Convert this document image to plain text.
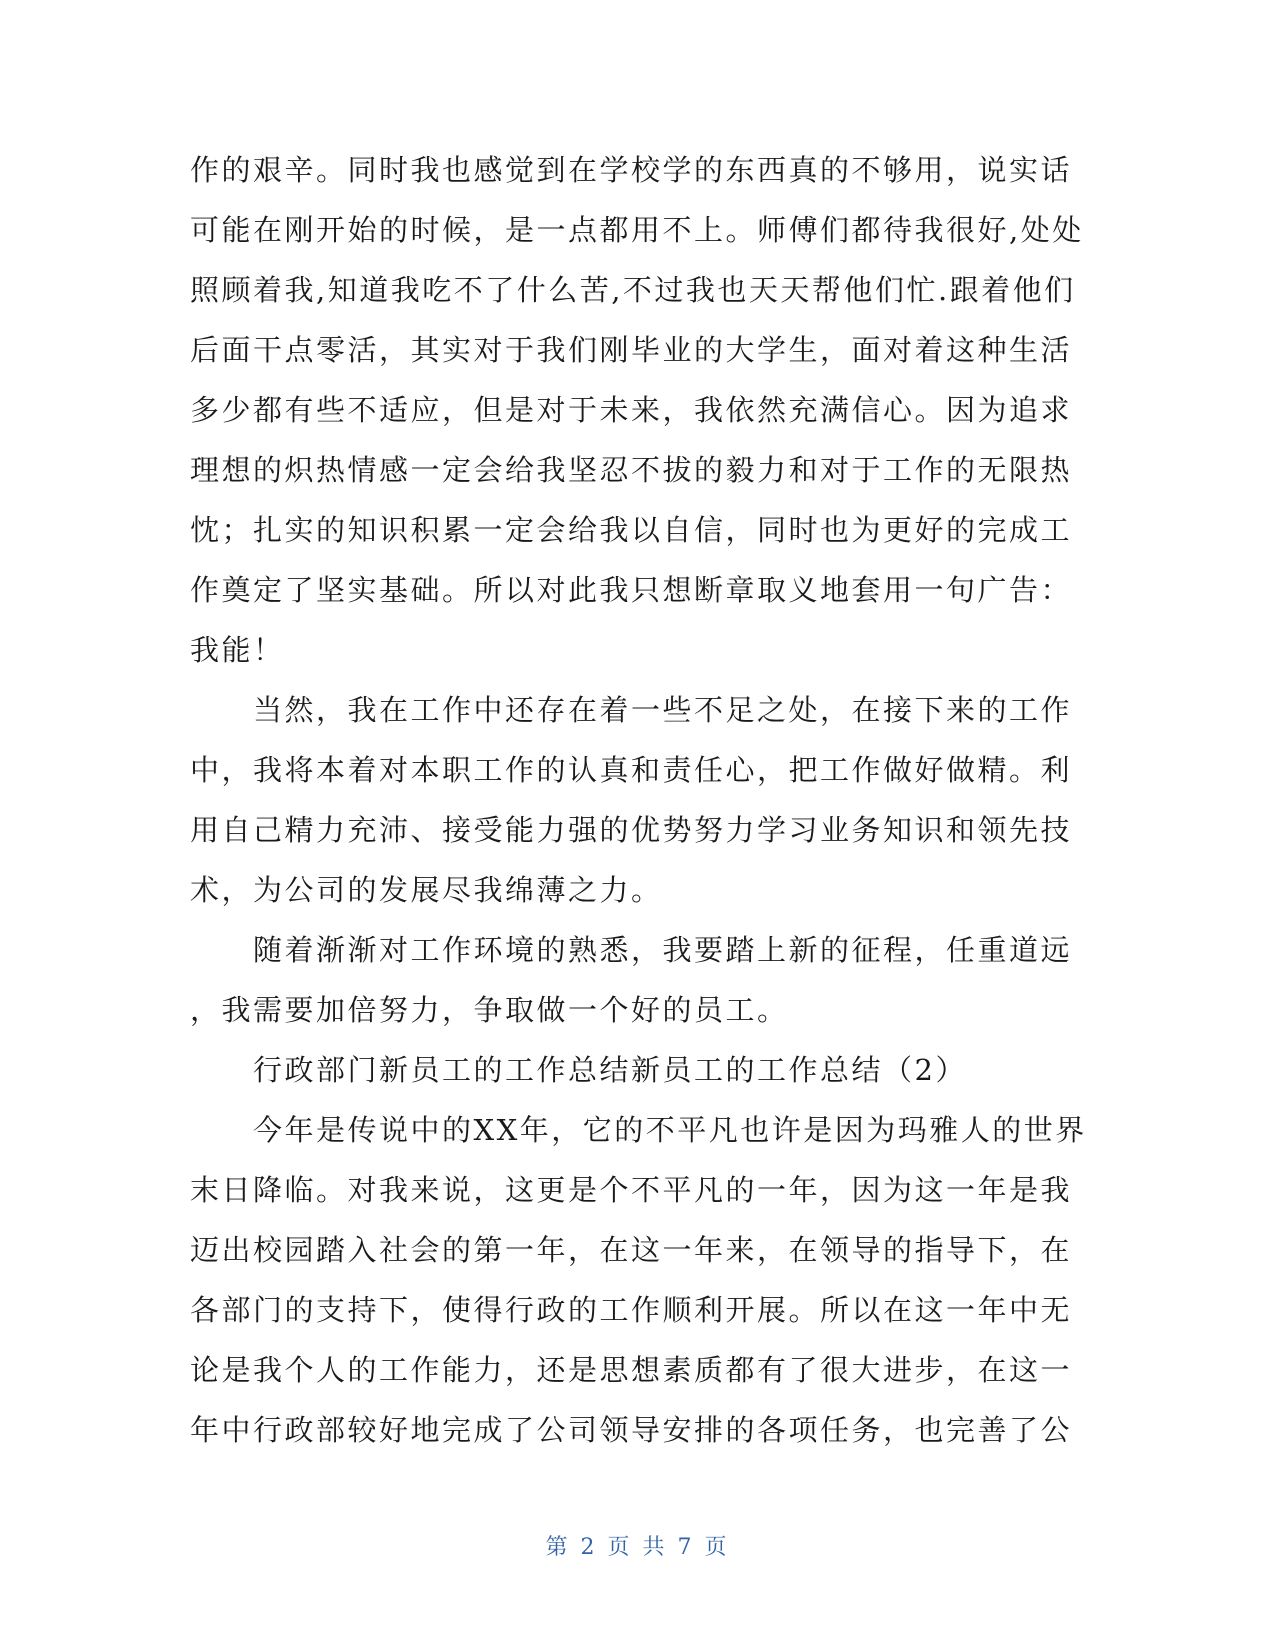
作的艰辛。同时我也感觉到在学校学的东西真的不够用，说实话
可能在刚开始的时候，是一点都用不上。师傅们都待我很好,处处
照顾着我,知道我吃不了什么苦,不过我也天天帮他们忙.跟着他们
后面干点零活，其实对于我们刚毕业的大学生，面对着这种生活
多少都有些不适应，但是对于未来，我依然充满信心。因为追求
理想的炽热情感一定会给我坚忍不拔的毅力和对于工作的无限热
忱；扎实的知识积累一定会给我以自信，同时也为更好的完成工
作奠定了坚实基础。所以对此我只想断章取义地套用一句广告：
我能！
　　当然，我在工作中还存在着一些不足之处，在接下来的工作
中，我将本着对本职工作的认真和责任心，把工作做好做精。利
用自己精力充沛、接受能力强的优势努力学习业务知识和领先技
术，为公司的发展尽我绵薄之力。
　　随着渐渐对工作环境的熟悉，我要踏上新的征程，任重道远
，我需要加倍努力，争取做一个好的员工。
　　行政部门新员工的工作总结新员工的工作总结（2）
　　今年是传说中的XX年，它的不平凡也许是因为玛雅人的世界
末日降临。对我来说，这更是个不平凡的一年，因为这一年是我
迈出校园踏入社会的第一年，在这一年来，在领导的指导下，在
各部门的支持下，使得行政的工作顺利开展。所以在这一年中无
论是我个人的工作能力，还是思想素质都有了很大进步，在这一
年中行政部较好地完成了公司领导安排的各项任务，也完善了公
第 2 页 共 7 页
